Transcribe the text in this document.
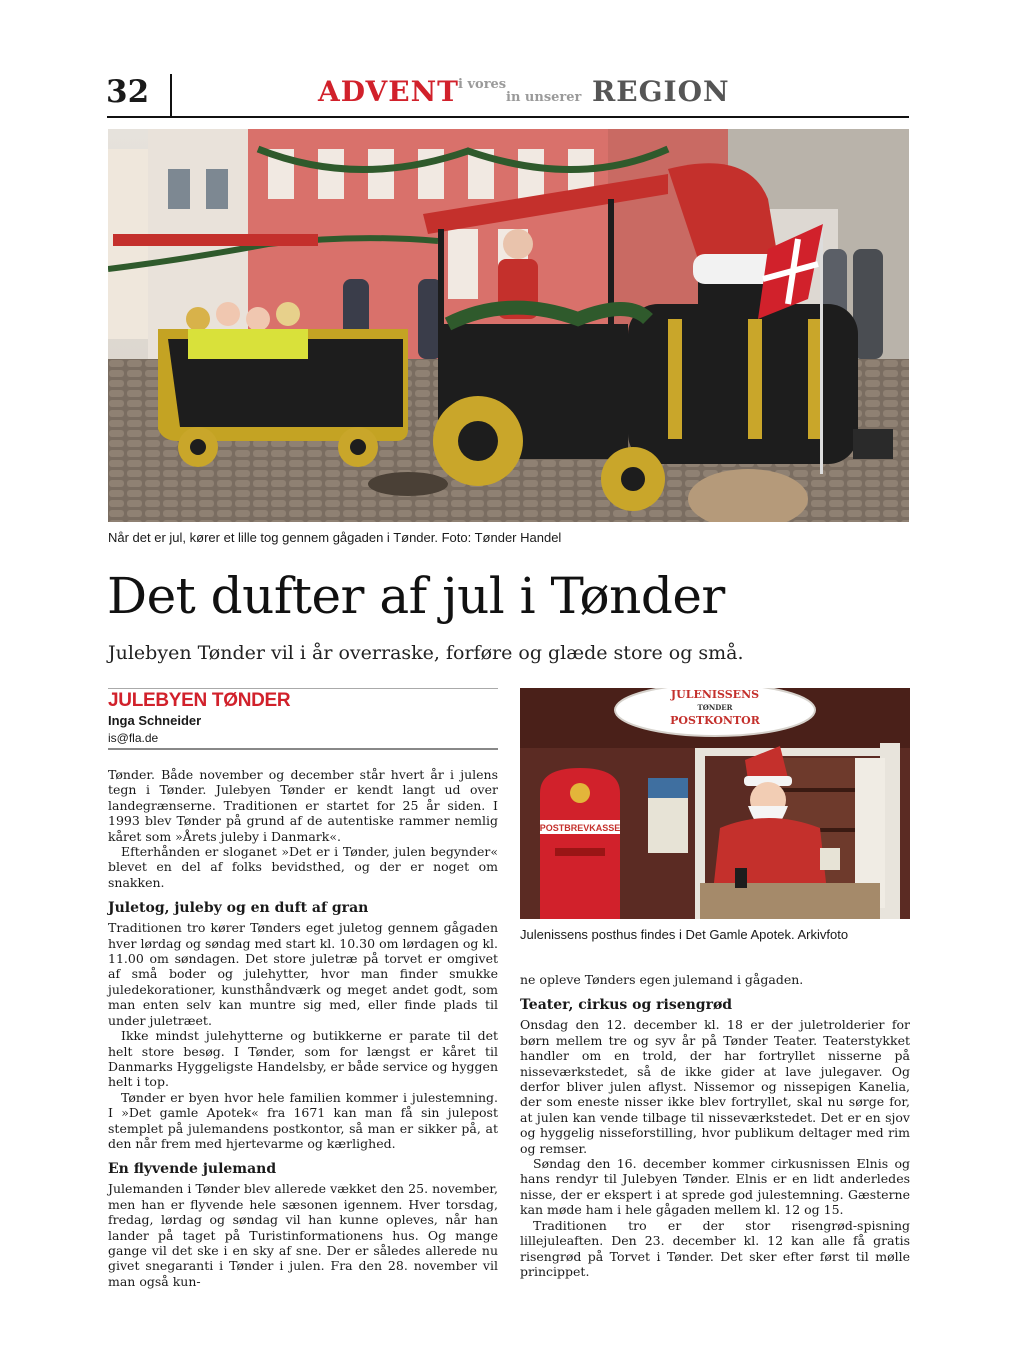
32	ADVENT
i vores
in unserer REGION
Når det er jul, kører et lille tog gennem gågaden i Tønder. Foto: Tønder Handel
Det dufter af jul i Tønder
Julebyen Tønder vil i år overraske, forføre og glæde store og små.
JULEBYEN TØNDER
Inga Schneider
is@fla.de

Tønder. Både november og december står hvert år i julens tegn i Tønder. Julebyen Tønder er kendt langt ud over landegrænserne. Traditionen er startet for 25 år siden. I 1993 blev Tønder på grund af de autentiske rammer nemlig kåret som »Årets juleby i Danmark«.

Efterhånden er sloganet »Det er i Tønder, julen begynder« blevet en del af folks bevidsthed, og der er noget om snakken.

Juletog, juleby og en duft af gran

Traditionen tro kører Tønders eget juletog gennem gågaden hver lørdag og søndag med start kl. 10.30 om lørdagen og kl. 11.00 om søndagen. Det store juletræ på torvet er omgivet af små boder og julehytter, hvor man finder smukke juledekorationer, kunsthåndværk og meget andet godt, som man enten selv kan muntre sig med, eller finde plads til under juletræet.

Ikke mindst julehytterne og butikkerne er parate til det helt store besøg. I Tønder, som for længst er kåret til Danmarks Hyggeligste Handelsby, er både service og hyggen helt i top.

Tønder er byen hvor hele familien kommer i julestemning. I »Det gamle Apotek« fra 1671 kan man få sin julepost stemplet på julemandens postkontor, så man er sikker på, at den når frem med hjertevarme og kærlighed.

En flyvende julemand

Julemanden i Tønder blev allerede vækket den 25. november, men han er flyvende hele sæsonen igennem. Hver torsdag, fredag, lørdag og søndag vil han kunne opleves, når han lander på taget på Turistinformationens hus. Og mange gange vil det ske i en sky af sne. Der er således allerede nu givet snegaranti i Tønder i julen. Fra den 28. november vil man også kun-

JULENISSENS
TØNDER
POSTKONTOR
POSTBREVKASSE
Julenissens posthus findes i Det Gamle Apotek. Arkivfoto

ne opleve Tønders egen julemand i gågaden.

Teater, cirkus og risengrød

Onsdag den 12. december kl. 18 er der juletrolderier for børn mellem tre og syv år på Tønder Teater. Teaterstykket handler om en trold, der har fortryllet nisserne på nisseværkstedet, så de ikke gider at lave julegaver. Og derfor bliver julen aflyst. Nissemor og nissepigen Kanelia, der som eneste nisser ikke blev fortryllet, skal nu sørge for, at julen kan vende tilbage til nisseværkstedet. Det er en sjov og hyggelig nisseforstilling, hvor publikum deltager med rim og remser.

Søndag den 16. december kommer cirkusnissen Elnis og hans rendyr til Julebyen Tønder. Elnis er en lidt anderledes nisse, der er ekspert i at sprede god julestemning. Gæsterne kan møde ham i hele gågaden mellem kl. 12 og 15.

Traditionen tro er der stor risengrød-spisning lillejuleaften. Den 23. december kl. 12 kan alle få gratis risengrød på Torvet i Tønder. Det sker efter først til mølle princippet.
